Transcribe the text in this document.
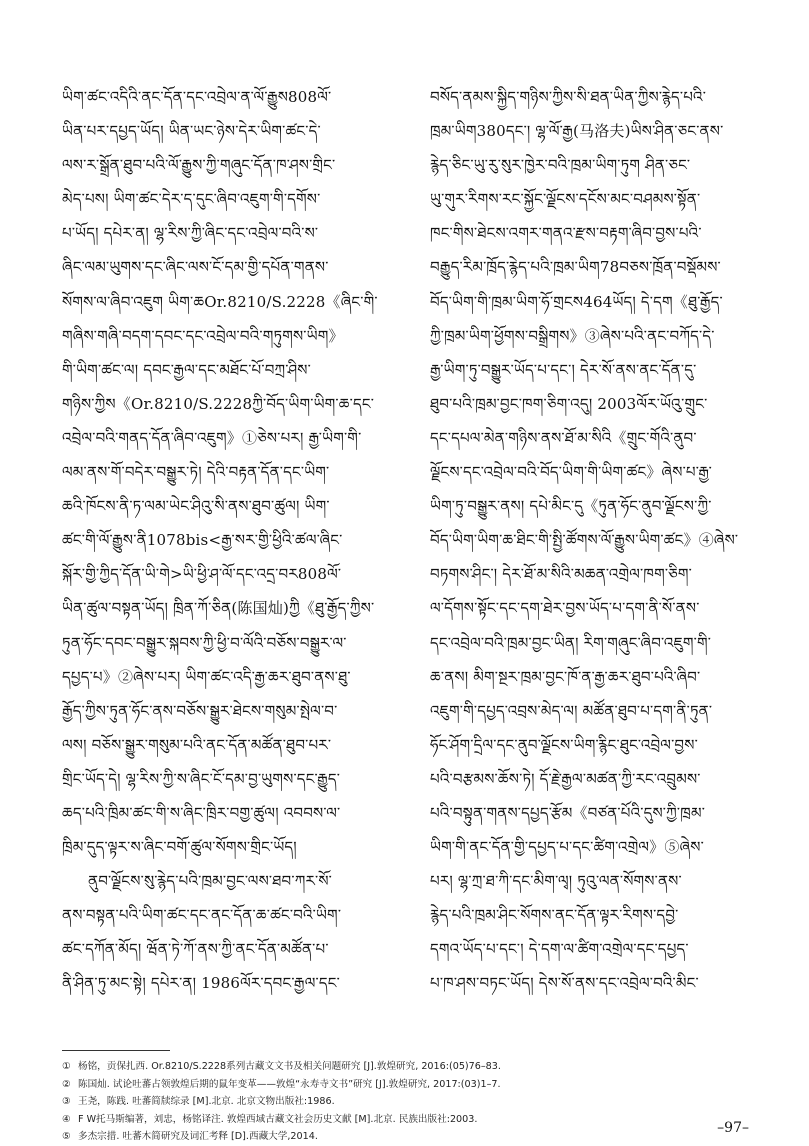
ཡིག་ཚང་འདིའི་ནང་དོན་དང་འབྲེལ་ན་ལོ་རྒྱུས808ལོ་
ཡིན་པར་དཔྱད་ཡོད། ཡིན་ཡང་ཉེས་དེར་ཡིག་ཚང་དེ་
ལས་ར་སྒྲོན་ཐུབ་པའི་ལོ་རྒྱུས་ཀྱི་གཞུང་དོན་ཁ་ཤས་གྲིང་
མེད་པས། ཡིག་ཚང་དེར་ད་དུང་ཞིབ་འཇུག་གི་དགོས་
པ་ཡོད། དཔེར་ན། ལྷ་རིས་ཀྱི་ཞིང་དང་འབྲེལ་བའི་ས་
ཞིང་ལམ་ཡུགས་དང་ཞིང་ལས་ངོ་དམ་གྱི་དཔོན་གནས་
སོགས་ལ་ཞིབ་འཇུག ཡིག་ཆOr.8210/S.2228《ཞིང་གི་
གཞིས་གཞི་བདག་དབང་དང་འབྲེལ་བའི་གཏུགས་ཡིག》
གི་ཡིག་ཚང་ལ། དབང་རྒྱལ་དང་མཐོང་པོ་བཀྲ་ཤིས་
གཉིས་ཀྱིས《Or.8210/S.2228ཀྱི་བོད་ཡིག་ཡིག་ཆ་དང་
འབྲེལ་བའི་གནད་དོན་ཞིབ་འཇུག》①ཅེས་པར། རྒྱ་ཡིག་གི་
ལམ་ནས་གོ་བདེར་བསྒྱུར་ཏེ། དེའི་བརྟན་དོན་དང་ཡིག་
ཆའི་ཁོངས་ནི་ཏ་ལམ་ཡེང་ཤིའུ་སི་ནས་ཐུབ་ཚུལ། ཡིག་
ཚང་གི་ལོ་རྒྱུས་ནི1078bis<རྒྱ་སར་གྱི་ཕྱིའི་ཚལ་ཞིང་
སྐོར་གྱི་ཀྱིད་དོན་ཡི་གེ>ཡི་ཕྱི་ཤ་ལོ་དང་འདྲ་བར808ལོ་
ཡིན་ཚུལ་བསྟན་ཡོད། ཁྲིན་ཀོ་ཅིན(陈国灿)ཀྱི《ཐུ་རྒྱོད་ཀྱིས་
ཏུན་ཧོང་དབང་བསྒྱུར་སྐབས་ཀྱི་ཕྱི་བ་ལོའི་བཅོས་བསྒྱུར་ལ་
དཔྱད་པ》②ཞེས་པར། ཡིག་ཚང་འདི་རྒྱ་ཆར་ཐུབ་ནས་ཐུ་
རྒྱོད་ཀྱིས་ཏུན་ཧོང་ནས་བཅོས་སྒྱུར་ཐེངས་གསུམ་སྤེལ་བ་
ལས། བཅོས་སྒྱུར་གསུམ་པའི་ནང་དོན་མཚོན་ཐུབ་པར་
གྲིང་ཡོད་དེ། ལྷ་རིས་ཀྱི་ས་ཞིང་ངོ་དམ་བྱ་ཡུགས་དང་རྒྱུད་
ཆད་པའི་ཁྲིམ་ཚང་གི་ས་ཞིང་ཁྲིར་བགྱ་ཚུལ། འབབས་ལ་
ཁྲིམ་དུད་ལྟར་ས་ཞིང་བགོ་ཚུལ་སོགས་གྲིང་ཡོད།
ནུབ་ལྗོངས་སུ་རྙེད་པའི་ཁྲམ་བྱང་ལས་ཐབ་ཀར་སོ་
ནས་བསྟན་པའི་ཡིག་ཚང་དང་ནང་དོན་ཆ་ཚང་བའི་ཡིག་
ཚང་དཀོན་མོད། ཝོན་ཏེ་ཀོ་ནས་ཀྱི་ནང་དོན་མཚོན་པ་
ནི་ཤིན་ཏུ་མང་སྟེ། དཔེར་ན། 1986ལོར་དབང་རྒྱལ་དང་
བསོད་ནམས་སྐྱིད་གཉིས་ཀྱིས་སི་ཐན་ཡིན་ཀྱིས་རྙེད་པའི་
ཁྲམ་ཡིག380དང་། ལྷ་ལོ་རྒྱ(马洛夫)ཡིས་ཤིན་ཅང་ནས་
རྙེད་ཅིང་ཡུ་རུ་སུར་ཁྱེར་བའི་ཁྲམ་ཡིག་ཏུག ཤིན་ཅང་
ཡུ་གུར་རིགས་རང་སྐྱོང་ལྗོངས་དངོས་མང་བཤམས་སྟོན་
ཁང་གིས་ཐེངས་འགར་གནའ་རྫས་བརྟག་ཞིབ་བྱས་པའི་
བརྒྱུད་རིམ་ཁྲོད་རྙེད་པའི་ཁྲམ་ཡིག78བཅས་ཁྲོན་བསྡོམས་
བོད་ཡིག་གི་ཁྲམ་ཡིག་ཧོ་གྲངས464ཡོད། དེ་དག《ཐུ་རྒྱོད་
ཀྱི་ཁྲམ་ཡིག་ཕྱོགས་བསྒྲིགས》③ཞེས་པའི་ནང་བཀོད་དེ་
རྒྱ་ཡིག་ཏུ་བསྒྱུར་ཡོད་པ་དང་། དེར་སོ་ནས་ནང་དོན་དུ་
ཐུབ་པའི་ཁྲམ་བྱང་ཁག་ཅིག་འདུ། 2003ལོར་ཡོའུ་གྲུང་
དང་དཔལ་མེན་གཉིས་ནས་ཐོ་མ་སིའི《གྲུང་གོའི་ནུབ་
ལྗོངས་དང་འབྲེལ་བའི་བོད་ཡིག་གི་ཡིག་ཚང》ཞེས་པ་རྒྱ་
ཡིག་ཏུ་བསྒྱུར་ནས། དཔེ་མིང་དུ《ཏུན་ཧོང་ནུབ་ལྗོངས་ཀྱི་
བོད་ཡིག་ཡིག་ཆ་ཐིང་གི་སྤྱི་ཚོགས་ལོ་རྒྱུས་ཡིག་ཚང》④ཞེས་
བཏགས་ཤིང་། དེར་ཐོ་མ་སིའི་མཆན་འགྲེལ་ཁག་ཅིག་
ལ་དོགས་སྟོང་དང་དག་ཐེར་བྱས་ཡོད་པ་དག་ནི་སོ་ནས་
དང་འབྲེལ་བའི་ཁྲམ་བྱང་ཡིན། རིག་གཞུང་ཞིབ་འཇུག་གི་
ཆ་ནས། མིག་སྔར་ཁྲམ་བྱང་ཁོ་ན་རྒྱ་ཆར་ཐུབ་པའི་ཞིབ་
འཇུག་གི་དཔྱད་འབྲས་མེད་ལ། མཚོན་ཐུབ་པ་དག་ནི་ཏུན་
ཧོང་ཤོག་དྲིལ་དང་ནུབ་ལྗོངས་ཡིག་རྙིང་ཐུང་འབྲེལ་བྱས་
པའི་བརྩམས་ཆོས་ཏེ། དོ་རྗེ་རྒྱལ་མཚན་ཀྱི་རང་འབྲུམས་
པའི་བསྟུན་གནས་དཔྱད་རྩོམ《བཙན་པོའི་དུས་ཀྱི་ཁྲམ་
ཡིག་གི་ནང་དོན་གྱི་དཔྱད་པ་དང་ཚིག་འགྲེལ》⑤ཞེས་
པར། ལྷ་ཀྲ་ཐ་ཀི་དང་མིག་ལྭ། ཏུའུ་ལན་སོགས་ནས་
རྙེད་པའི་ཁྲམ་ཤིང་སོགས་ནང་དོན་ལྟར་རིགས་དབྱེ་
དགའ་ཡོད་པ་དང་། དེ་དག་ལ་ཚིག་འགྲེལ་དང་དཔྱད་
པ་ཁ་ཤས་བཏང་ཡོད། དེས་སོ་ནས་དང་འབྲེལ་བའི་མིང་
① 杨铭，贡保扎西. Or.8210/S.2228系列古藏文文书及相关问题研究 [J].敦煌研究, 2016:(05)76–83.
② 陈国灿. 试论吐蕃占领敦煌后期的鼠年变革——敦煌“永寿寺文书”研究 [J].敦煌研究, 2017:(03)1–7.
③ 王尧，陈践. 吐蕃简牍综录 [M].北京. 北京文物出版社:1986.
④ F W托马斯编著，刘忠，杨铭译注. 敦煌西域古藏文社会历史文献 [M].北京. 民族出版社:2003.
⑤ 多杰宗措. 吐蕃木简研究及词汇考释 [D].西藏大学,2014.
–97–
